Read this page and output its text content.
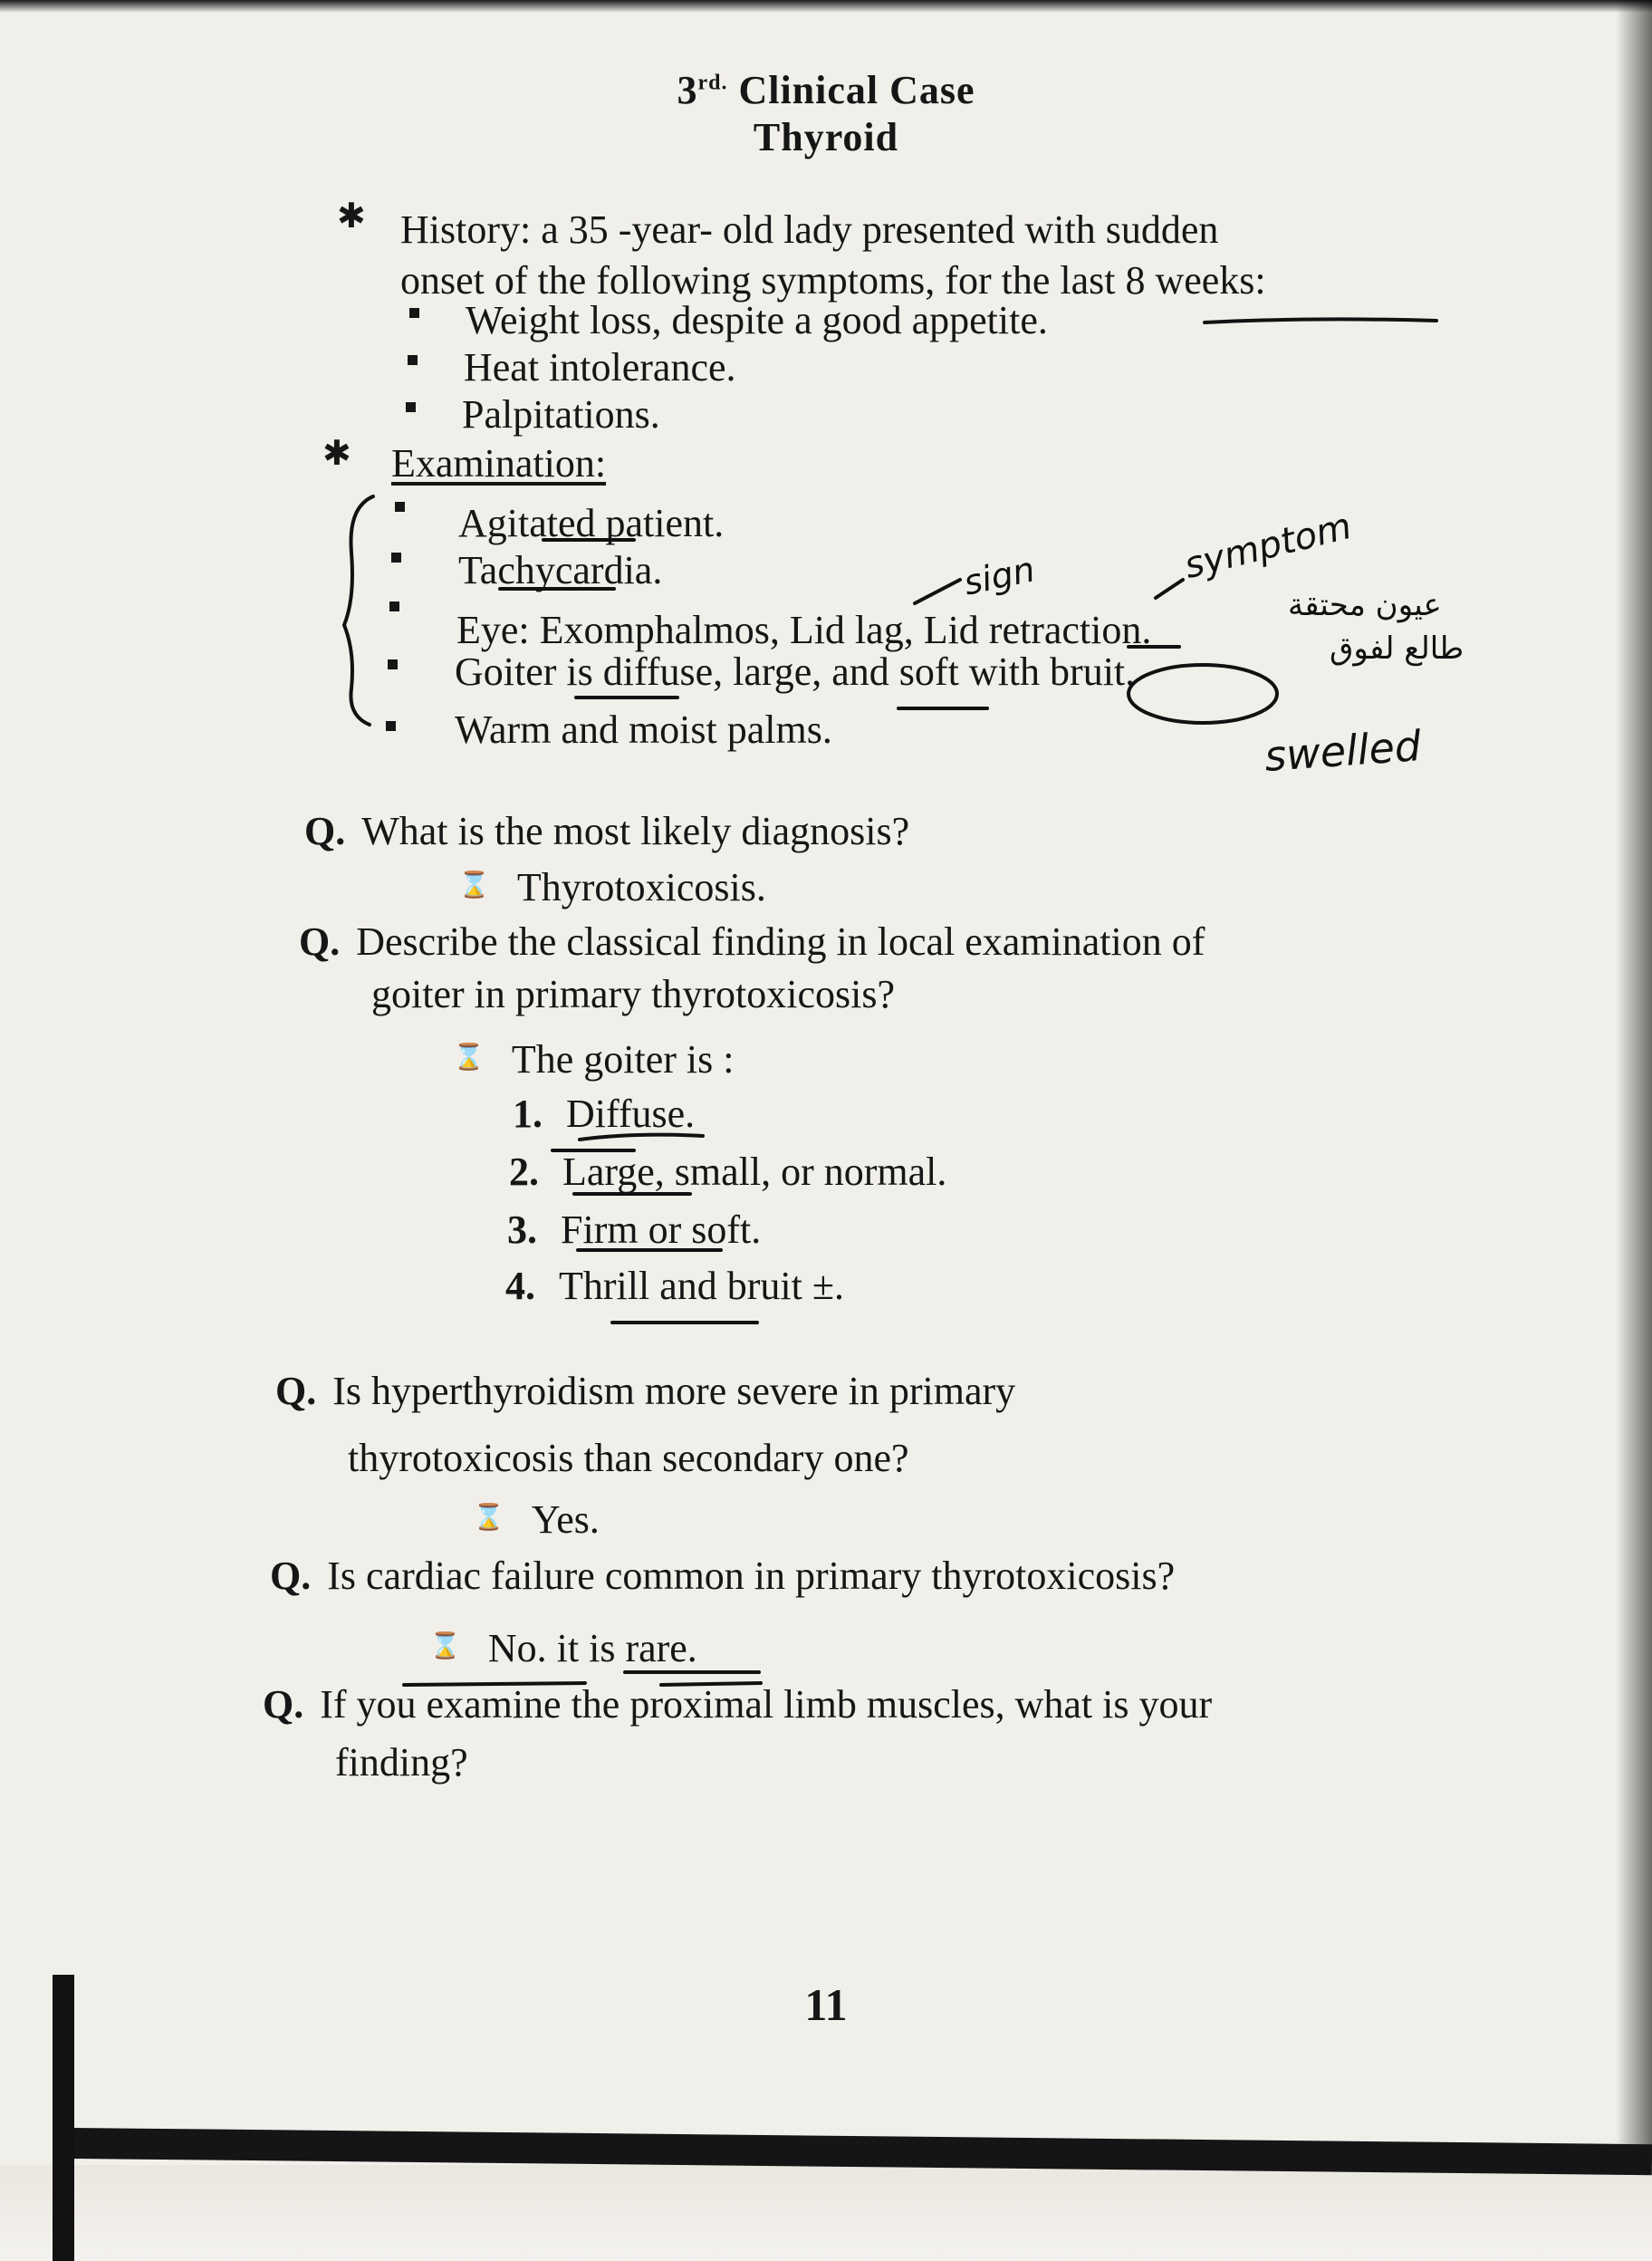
$3^{rd.}$ Clinical Case
Thyroid
✱ History: a 35 -year- old lady presented with sudden
onset of the following symptoms, for the last 8 weeks:
Weight loss, despite a good appetite.
Heat intolerance.
Palpitations.
✱ Examination:
Agitated patient.
Tachycardia.
Eye: Exomphalmos, Lid lag, Lid retraction.
Goiter is diffuse, large, and soft with bruit.
Warm and moist palms.
sign	symptom
عيون محتقة
طالع لفوق
swelled
Q. What is the most likely diagnosis?
⌛ Thyrotoxicosis.
Q. Describe the classical finding in local examination of
goiter in primary thyrotoxicosis?
⌛ The goiter is :
1. Diffuse.
2. Large, small, or normal.
3. Firm or soft.
4. Thrill and bruit ±.
Q. Is hyperthyroidism more severe in primary
thyrotoxicosis than secondary one?
⌛ Yes.
Q. Is cardiac failure common in primary thyrotoxicosis?
⌛ No. it is rare.
Q. If you examine the proximal limb muscles, what is your
finding?
11
